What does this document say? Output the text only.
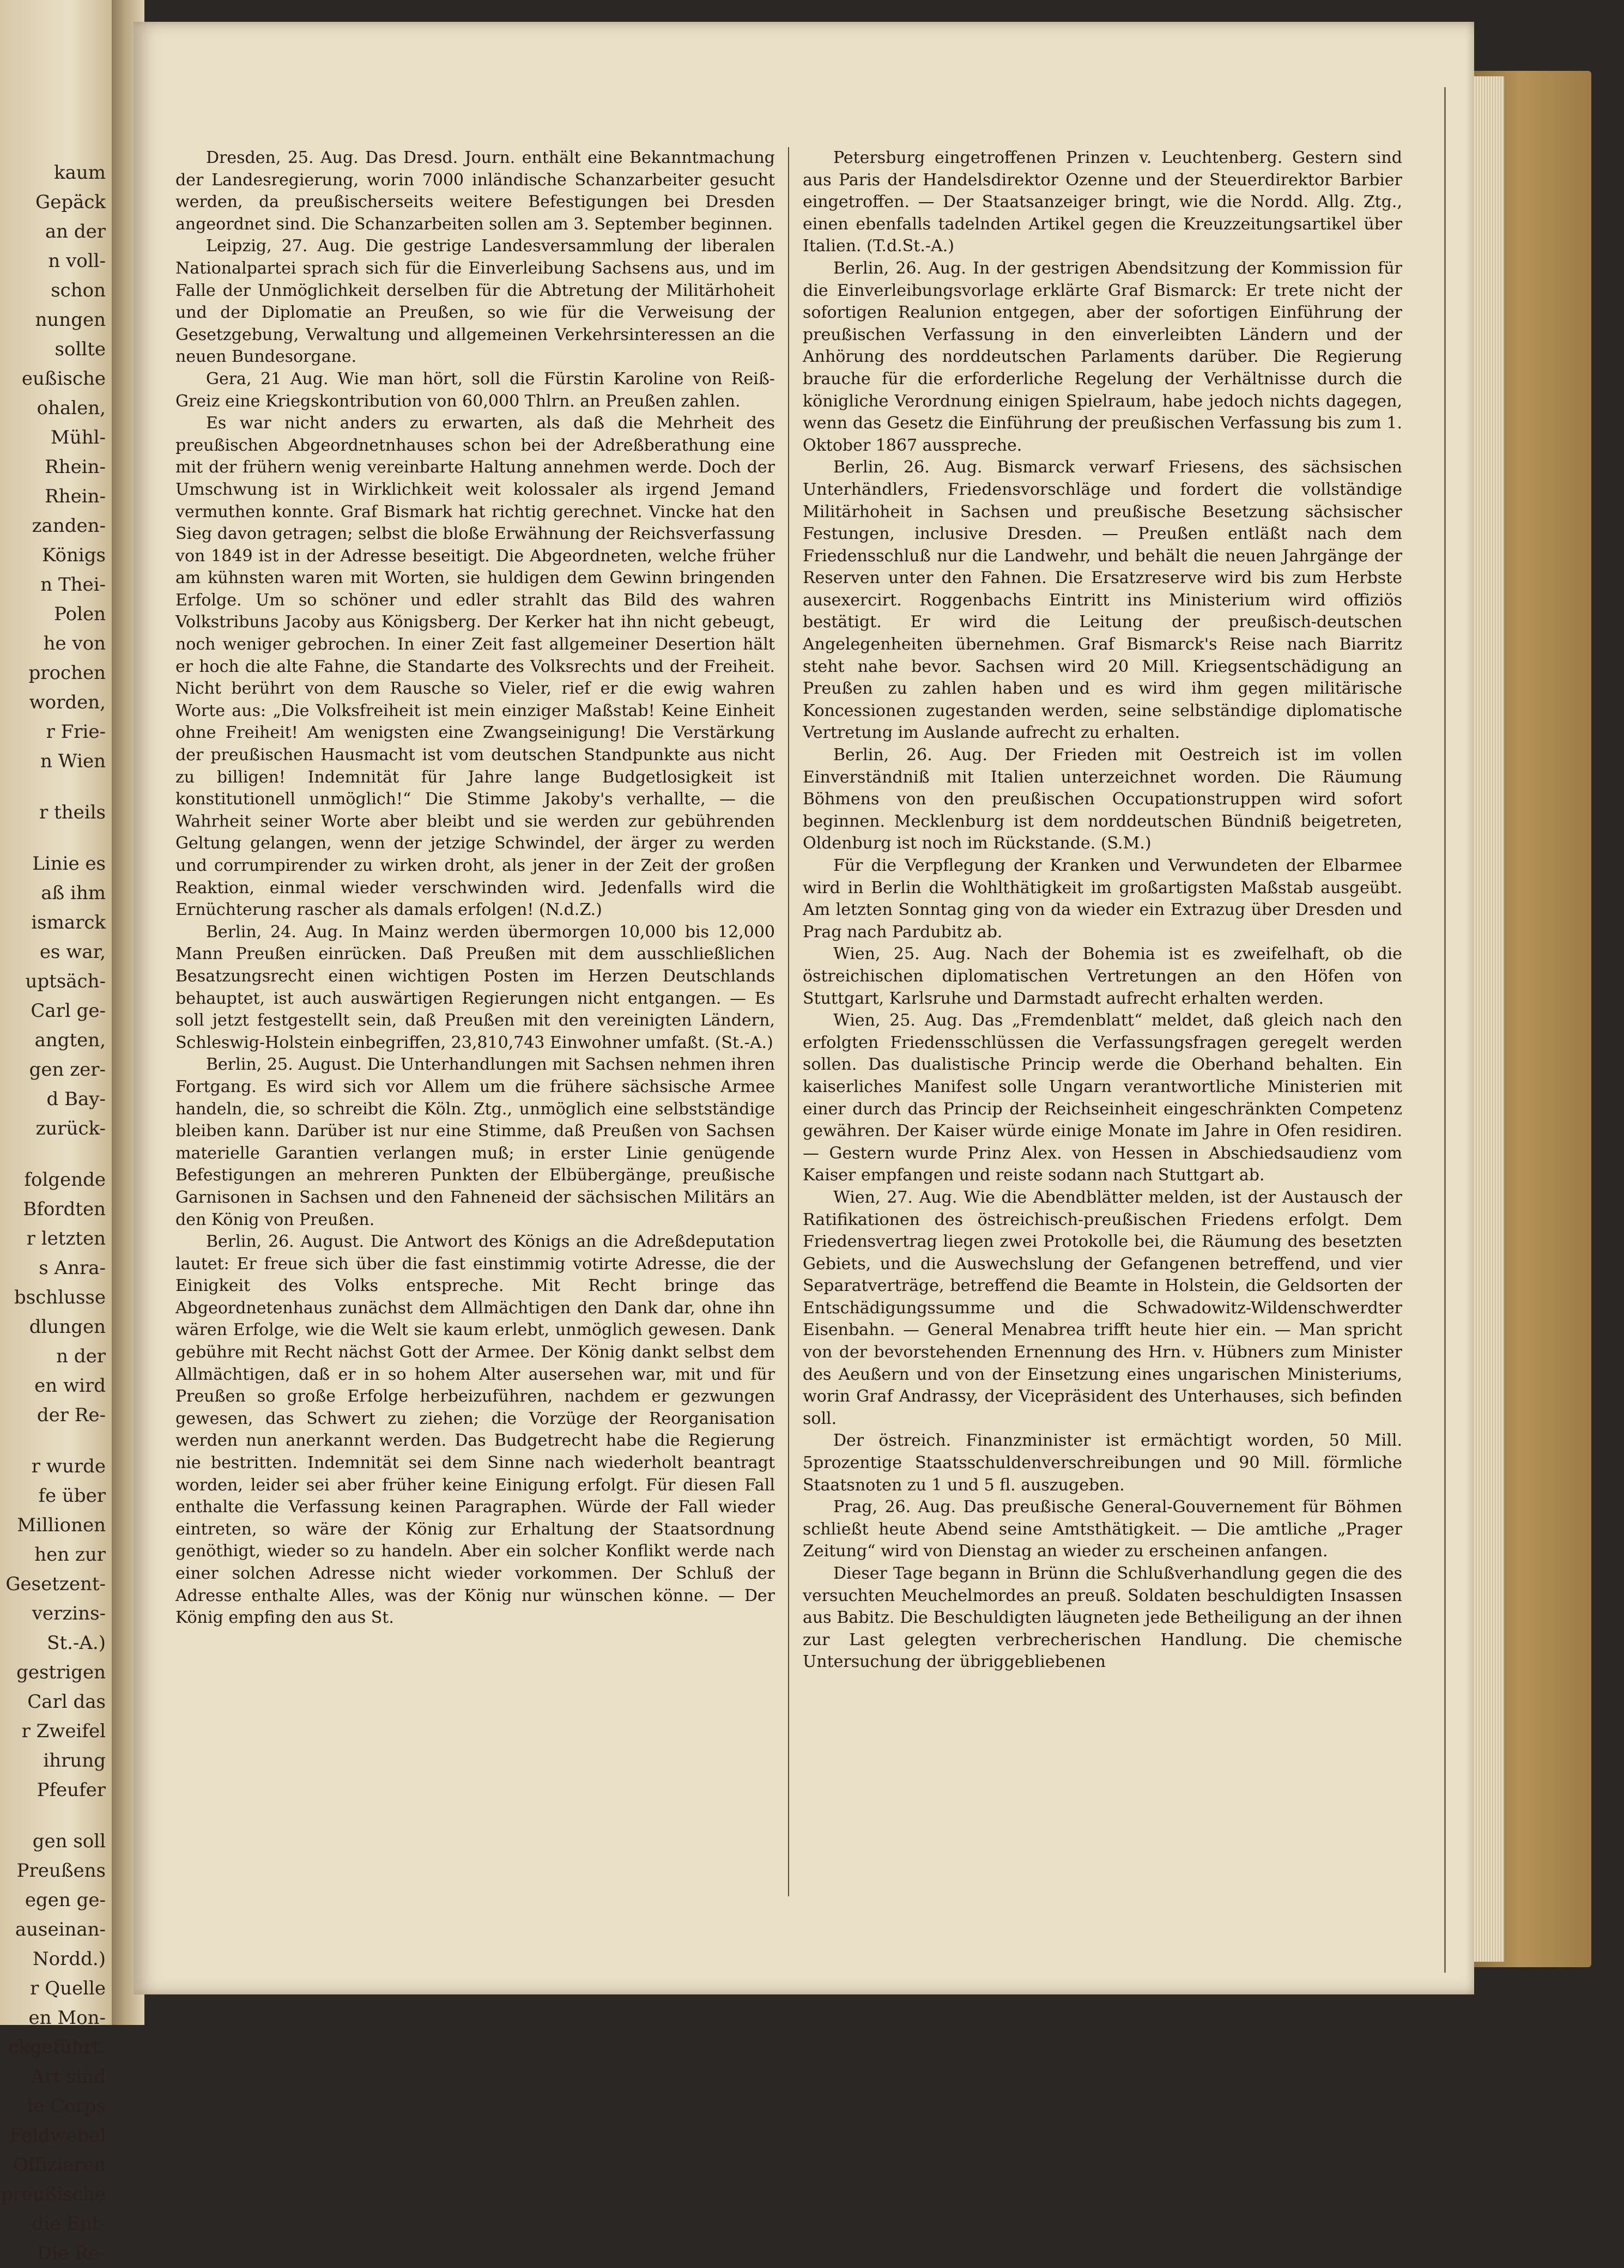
kaum
Gepäck
an der
n voll-
schon
nungen
sollte
eußische
ohalen,
Mühl-
Rhein-
Rhein-
zanden-
Königs
n Thei-
Polen
he von
prochen
worden,
r Frie-
n Wien
r theils
Linie es
aß ihm
ismarck
es war,
uptsäch-
Carl ge-
angten,
gen zer-
d Bay-
zurück-
folgende
Bfordten
r letzten
s Anra-
bschlusse
dlungen
n der
en wird
der Re-
r wurde
fe über
Millionen
hen zur
Gesetzent-
verzins-
St.-A.)
gestrigen
Carl das
r Zweifel
ihrung
Pfeufer
gen soll
Preußens
egen ge-
auseinan-
Nordd.)
r Quelle
en Mon-
ckgeführt.
Art sind
ie Corps
Feldwebel
Offizieren
preußische
die Ent-
Die Re-

Dresden, 25. Aug. Das Dresd. Journ. enthält eine Bekanntmachung der Landesregierung, worin 7000 inländische Schanzarbeiter gesucht werden, da preußischerseits weitere Befestigungen bei Dresden angeordnet sind. Die Schanzarbeiten sollen am 3. September beginnen.

Leipzig, 27. Aug. Die gestrige Landesversammlung der liberalen Nationalpartei sprach sich für die Einverleibung Sachsens aus, und im Falle der Unmöglichkeit derselben für die Abtretung der Militärhoheit und der Diplomatie an Preußen, so wie für die Verweisung der Gesetzgebung, Verwaltung und allgemeinen Verkehrsinteressen an die neuen Bundesorgane.

Gera, 21 Aug. Wie man hört, soll die Fürstin Karoline von Reiß-Greiz eine Kriegskontribution von 60,000 Thlrn. an Preußen zahlen.

Es war nicht anders zu erwarten, als daß die Mehrheit des preußischen Abgeordnetnhauses schon bei der Adreßberathung eine mit der frühern wenig vereinbarte Haltung annehmen werde. Doch der Umschwung ist in Wirklichkeit weit kolossaler als irgend Jemand vermuthen konnte. Graf Bismark hat richtig gerechnet. Vincke hat den Sieg davon getragen; selbst die bloße Erwähnung der Reichsverfassung von 1849 ist in der Adresse beseitigt. Die Abgeordneten, welche früher am kühnsten waren mit Worten, sie huldigen dem Gewinn bringenden Erfolge. Um so schöner und edler strahlt das Bild des wahren Volkstribuns Jacoby aus Königsberg. Der Kerker hat ihn nicht gebeugt, noch weniger gebrochen. In einer Zeit fast allgemeiner Desertion hält er hoch die alte Fahne, die Standarte des Volksrechts und der Freiheit. Nicht berührt von dem Rausche so Vieler, rief er die ewig wahren Worte aus: „Die Volksfreiheit ist mein einziger Maßstab! Keine Einheit ohne Freiheit! Am wenigsten eine Zwangseinigung! Die Verstärkung der preußischen Hausmacht ist vom deutschen Standpunkte aus nicht zu billigen! Indemnität für Jahre lange Budgetlosigkeit ist konstitutionell unmöglich!“ Die Stimme Jakoby's verhallte, — die Wahrheit seiner Worte aber bleibt und sie werden zur gebührenden Geltung gelangen, wenn der jetzige Schwindel, der ärger zu werden und corrumpirender zu wirken droht, als jener in der Zeit der großen Reaktion, einmal wieder verschwinden wird. Jedenfalls wird die Ernüchterung rascher als damals erfolgen! (N.d.Z.)

Berlin, 24. Aug. In Mainz werden übermorgen 10,000 bis 12,000 Mann Preußen einrücken. Daß Preußen mit dem ausschließlichen Besatzungsrecht einen wichtigen Posten im Herzen Deutschlands behauptet, ist auch auswärtigen Regierungen nicht entgangen. — Es soll jetzt festgestellt sein, daß Preußen mit den vereinigten Ländern, Schleswig-Holstein einbegriffen, 23,810,743 Einwohner umfaßt. (St.-A.)

Berlin, 25. August. Die Unterhandlungen mit Sachsen nehmen ihren Fortgang. Es wird sich vor Allem um die frühere sächsische Armee handeln, die, so schreibt die Köln. Ztg., unmöglich eine selbstständige bleiben kann. Darüber ist nur eine Stimme, daß Preußen von Sachsen materielle Garantien verlangen muß; in erster Linie genügende Befestigungen an mehreren Punkten der Elbübergänge, preußische Garnisonen in Sachsen und den Fahneneid der sächsischen Militärs an den König von Preußen.

Berlin, 26. August. Die Antwort des Königs an die Adreßdeputation lautet: Er freue sich über die fast einstimmig votirte Adresse, die der Einigkeit des Volks entspreche. Mit Recht bringe das Abgeordnetenhaus zunächst dem Allmächtigen den Dank dar, ohne ihn wären Erfolge, wie die Welt sie kaum erlebt, unmöglich gewesen. Dank gebühre mit Recht nächst Gott der Armee. Der König dankt selbst dem Allmächtigen, daß er in so hohem Alter ausersehen war, mit und für Preußen so große Erfolge herbeizuführen, nachdem er gezwungen gewesen, das Schwert zu ziehen; die Vorzüge der Reorganisation werden nun anerkannt werden. Das Budgetrecht habe die Regierung nie bestritten. Indemnität sei dem Sinne nach wiederholt beantragt worden, leider sei aber früher keine Einigung erfolgt. Für diesen Fall enthalte die Verfassung keinen Paragraphen. Würde der Fall wieder eintreten, so wäre der König zur Erhaltung der Staatsordnung genöthigt, wieder so zu handeln. Aber ein solcher Konflikt werde nach einer solchen Adresse nicht wieder vorkommen. Der Schluß der Adresse enthalte Alles, was der König nur wünschen könne. — Der König empfing den aus St.

Petersburg eingetroffenen Prinzen v. Leuchtenberg. Gestern sind aus Paris der Handelsdirektor Ozenne und der Steuerdirektor Barbier eingetroffen. — Der Staatsanzeiger bringt, wie die Nordd. Allg. Ztg., einen ebenfalls tadelnden Artikel gegen die Kreuzzeitungsartikel über Italien. (T.d.St.-A.)

Berlin, 26. Aug. In der gestrigen Abendsitzung der Kommission für die Einverleibungsvorlage erklärte Graf Bismarck: Er trete nicht der sofortigen Realunion entgegen, aber der sofortigen Einführung der preußischen Verfassung in den einverleibten Ländern und der Anhörung des norddeutschen Parlaments darüber. Die Regierung brauche für die erforderliche Regelung der Verhältnisse durch die königliche Verordnung einigen Spielraum, habe jedoch nichts dagegen, wenn das Gesetz die Einführung der preußischen Verfassung bis zum 1. Oktober 1867 ausspreche.

Berlin, 26. Aug. Bismarck verwarf Friesens, des sächsischen Unterhändlers, Friedensvorschläge und fordert die vollständige Militärhoheit in Sachsen und preußische Besetzung sächsischer Festungen, inclusive Dresden. — Preußen entläßt nach dem Friedensschluß nur die Landwehr, und behält die neuen Jahrgänge der Reserven unter den Fahnen. Die Ersatzreserve wird bis zum Herbste ausexercirt. Roggenbachs Eintritt ins Ministerium wird offiziös bestätigt. Er wird die Leitung der preußisch-deutschen Angelegenheiten übernehmen. Graf Bismarck's Reise nach Biarritz steht nahe bevor. Sachsen wird 20 Mill. Kriegsentschädigung an Preußen zu zahlen haben und es wird ihm gegen militärische Koncessionen zugestanden werden, seine selbständige diplomatische Vertretung im Auslande aufrecht zu erhalten.

Berlin, 26. Aug. Der Frieden mit Oestreich ist im vollen Einverständniß mit Italien unterzeichnet worden. Die Räumung Böhmens von den preußischen Occupationstruppen wird sofort beginnen. Mecklenburg ist dem norddeutschen Bündniß beigetreten, Oldenburg ist noch im Rückstande. (S.M.)

Für die Verpflegung der Kranken und Verwundeten der Elbarmee wird in Berlin die Wohlthätigkeit im großartigsten Maßstab ausgeübt. Am letzten Sonntag ging von da wieder ein Extrazug über Dresden und Prag nach Pardubitz ab.

Wien, 25. Aug. Nach der Bohemia ist es zweifelhaft, ob die östreichischen diplomatischen Vertretungen an den Höfen von Stuttgart, Karlsruhe und Darmstadt aufrecht erhalten werden.

Wien, 25. Aug. Das „Fremdenblatt“ meldet, daß gleich nach den erfolgten Friedensschlüssen die Verfassungsfragen geregelt werden sollen. Das dualistische Princip werde die Oberhand behalten. Ein kaiserliches Manifest solle Ungarn verantwortliche Ministerien mit einer durch das Princip der Reichseinheit eingeschränkten Competenz gewähren. Der Kaiser würde einige Monate im Jahre in Ofen residiren. — Gestern wurde Prinz Alex. von Hessen in Abschiedsaudienz vom Kaiser empfangen und reiste sodann nach Stuttgart ab.

Wien, 27. Aug. Wie die Abendblätter melden, ist der Austausch der Ratifikationen des östreichisch-preußischen Friedens erfolgt. Dem Friedensvertrag liegen zwei Protokolle bei, die Räumung des besetzten Gebiets, und die Auswechslung der Gefangenen betreffend, und vier Separatverträge, betreffend die Beamte in Holstein, die Geldsorten der Entschädigungssumme und die Schwadowitz-Wildenschwerdter Eisenbahn. — General Menabrea trifft heute hier ein. — Man spricht von der bevorstehenden Ernennung des Hrn. v. Hübners zum Minister des Aeußern und von der Einsetzung eines ungarischen Ministeriums, worin Graf Andrassy, der Vicepräsident des Unterhauses, sich befinden soll.

Der östreich. Finanzminister ist ermächtigt worden, 50 Mill. 5prozentige Staatsschuldenverschreibungen und 90 Mill. förmliche Staatsnoten zu 1 und 5 fl. auszugeben.

Prag, 26. Aug. Das preußische General-Gouvernement für Böhmen schließt heute Abend seine Amtsthätigkeit. — Die amtliche „Prager Zeitung“ wird von Dienstag an wieder zu erscheinen anfangen.

Dieser Tage begann in Brünn die Schlußverhandlung gegen die des versuchten Meuchelmordes an preuß. Soldaten beschuldigten Insassen aus Babitz. Die Beschuldigten läugneten jede Betheiligung an der ihnen zur Last gelegten verbrecherischen Handlung. Die chemische Untersuchung der übriggebliebenen
